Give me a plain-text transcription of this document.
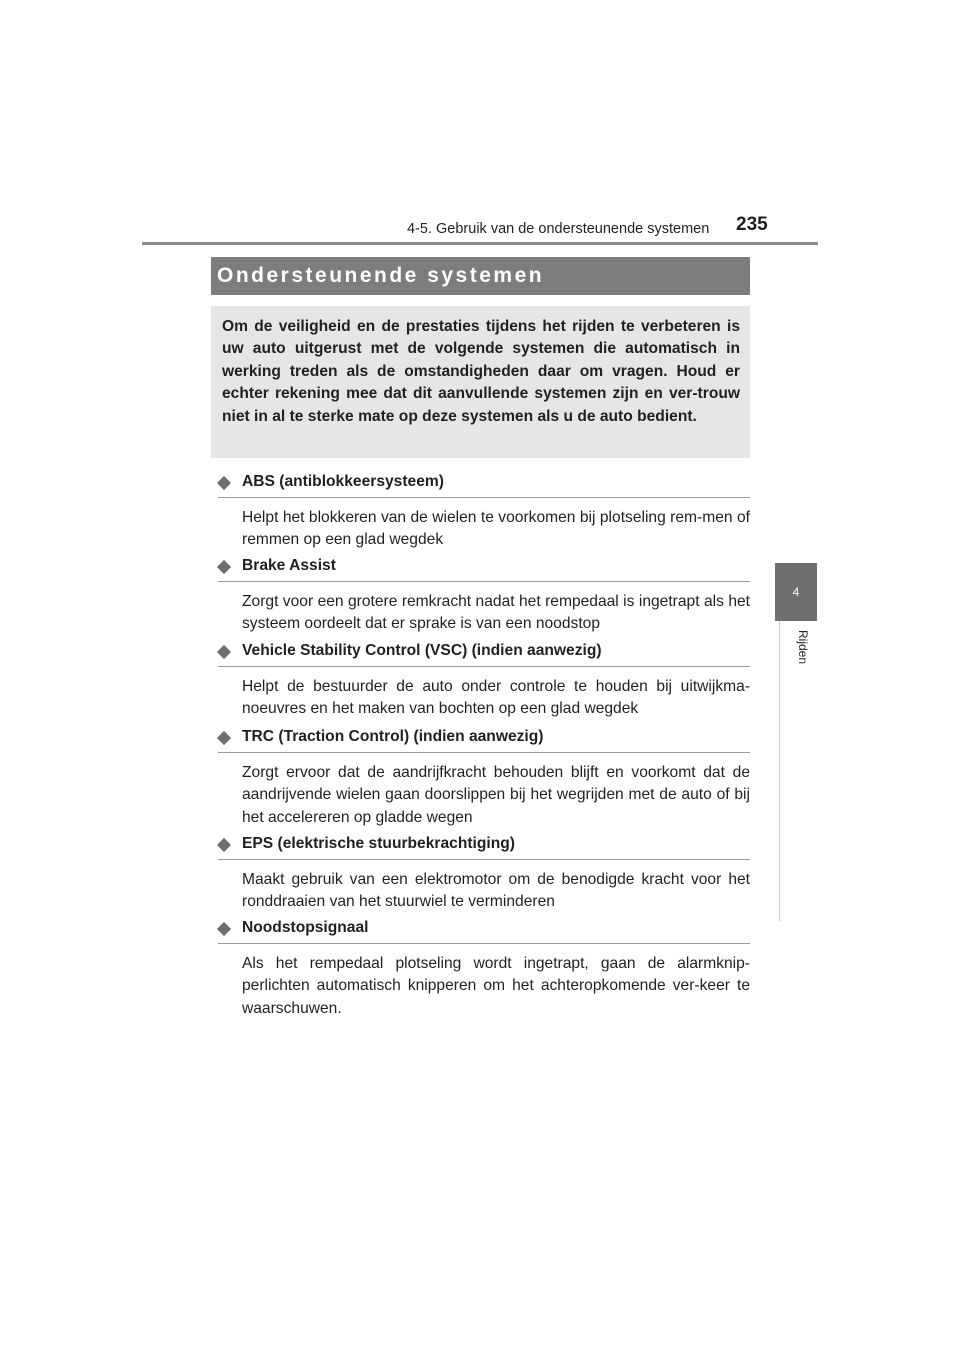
4-5. Gebruik van de ondersteunende systemen 235
4
Rijden
Ondersteunende systemen

Om de veiligheid en de prestaties tijdens het rijden te verbeteren is uw auto uitgerust met de volgende systemen die automatisch in werking treden als de omstandigheden daar om vragen. Houd er echter rekening mee dat dit aanvullende systemen zijn en ver-trouw niet in al te sterke mate op deze systemen als u de auto bedient.

ABS (antiblokkeersysteem)
Helpt het blokkeren van de wielen te voorkomen bij plotseling rem-men of remmen op een glad wegdek
Brake Assist
Zorgt voor een grotere remkracht nadat het rempedaal is ingetrapt als het systeem oordeelt dat er sprake is van een noodstop
Vehicle Stability Control (VSC) (indien aanwezig)
Helpt de bestuurder de auto onder controle te houden bij uitwijkma-noeuvres en het maken van bochten op een glad wegdek
TRC (Traction Control) (indien aanwezig)
Zorgt ervoor dat de aandrijfkracht behouden blijft en voorkomt dat de aandrijvende wielen gaan doorslippen bij het wegrijden met de auto of bij het accelereren op gladde wegen
EPS (elektrische stuurbekrachtiging)
Maakt gebruik van een elektromotor om de benodigde kracht voor het ronddraaien van het stuurwiel te verminderen
Noodstopsignaal
Als het rempedaal plotseling wordt ingetrapt, gaan de alarmknip-perlichten automatisch knipperen om het achteropkomende ver-keer te waarschuwen.
